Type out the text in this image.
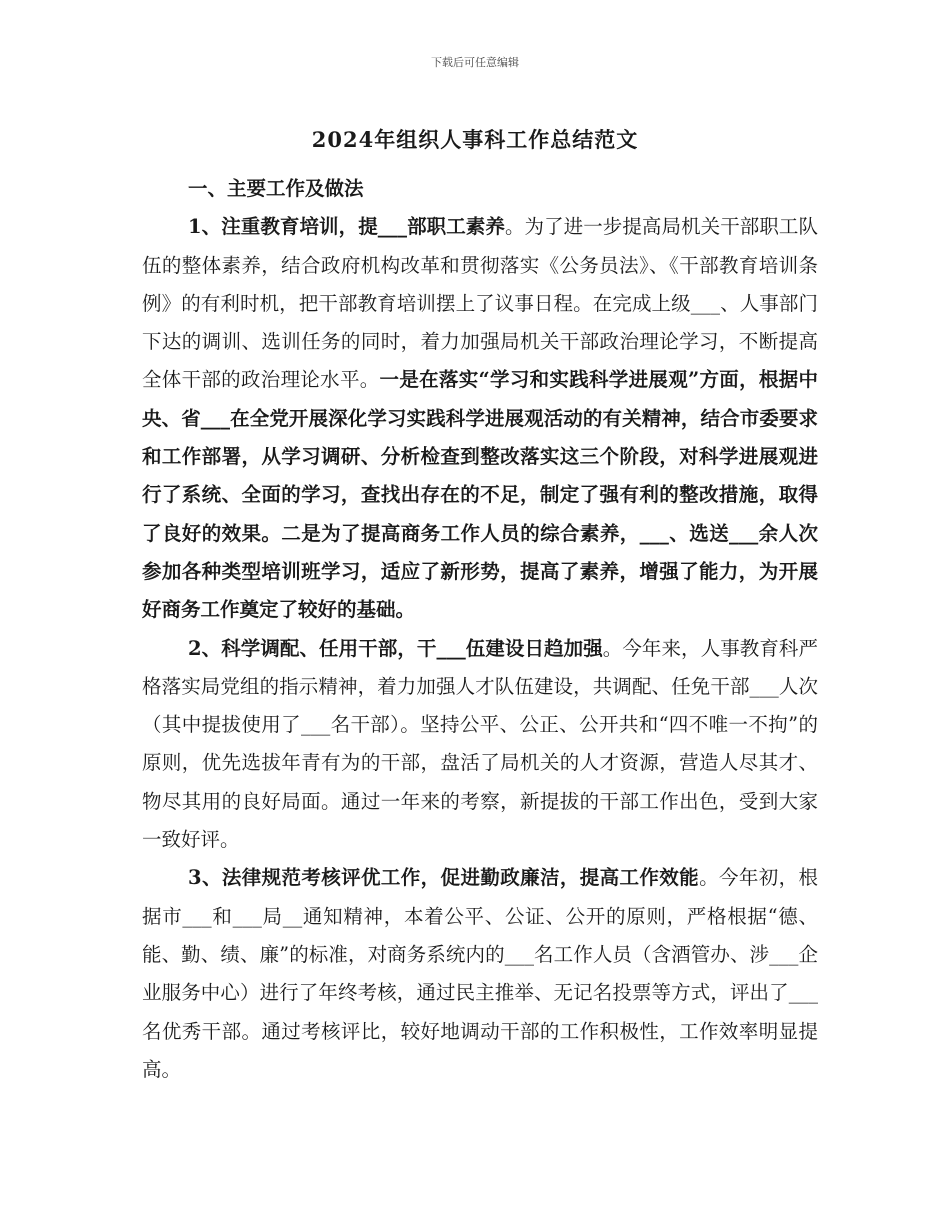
下载后可任意编辑
2024年组织人事科工作总结范文

一、主要工作及做法

1、注重教育培训，提___部职工素养。为了进一步提高局机关干部职工队伍的整体素养，结合政府机构改革和贯彻落实《公务员法》、《干部教育培训条例》的有利时机，把干部教育培训摆上了议事日程。在完成上级___、人事部门下达的调训、选训任务的同时，着力加强局机关干部政治理论学习，不断提高全体干部的政治理论水平。一是在落实“学习和实践科学进展观”方面，根据中央、省___在全党开展深化学习实践科学进展观活动的有关精神，结合市委要求和工作部署，从学习调研、分析检查到整改落实这三个阶段，对科学进展观进行了系统、全面的学习，查找出存在的不足，制定了强有利的整改措施，取得了良好的效果。二是为了提高商务工作人员的综合素养，___、选送___余人次参加各种类型培训班学习，适应了新形势，提高了素养，增强了能力，为开展好商务工作奠定了较好的基础。

2、科学调配、任用干部，干___伍建设日趋加强。今年来，人事教育科严格落实局党组的指示精神，着力加强人才队伍建设，共调配、任免干部___人次（其中提拔使用了___名干部）。坚持公平、公正、公开共和“四不唯一不拘”的原则，优先选拔年青有为的干部，盘活了局机关的人才资源，营造人尽其才、物尽其用的良好局面。通过一年来的考察，新提拔的干部工作出色，受到大家一致好评。

3、法律规范考核评优工作，促进勤政廉洁，提高工作效能。今年初，根据市___和___局__通知精神，本着公平、公证、公开的原则，严格根据“德、能、勤、绩、廉”的标准，对商务系统内的___名工作人员（含酒管办、涉___企业服务中心）进行了年终考核，通过民主推举、无记名投票等方式，评出了___名优秀干部。通过考核评比，较好地调动干部的工作积极性，工作效率明显提高。
